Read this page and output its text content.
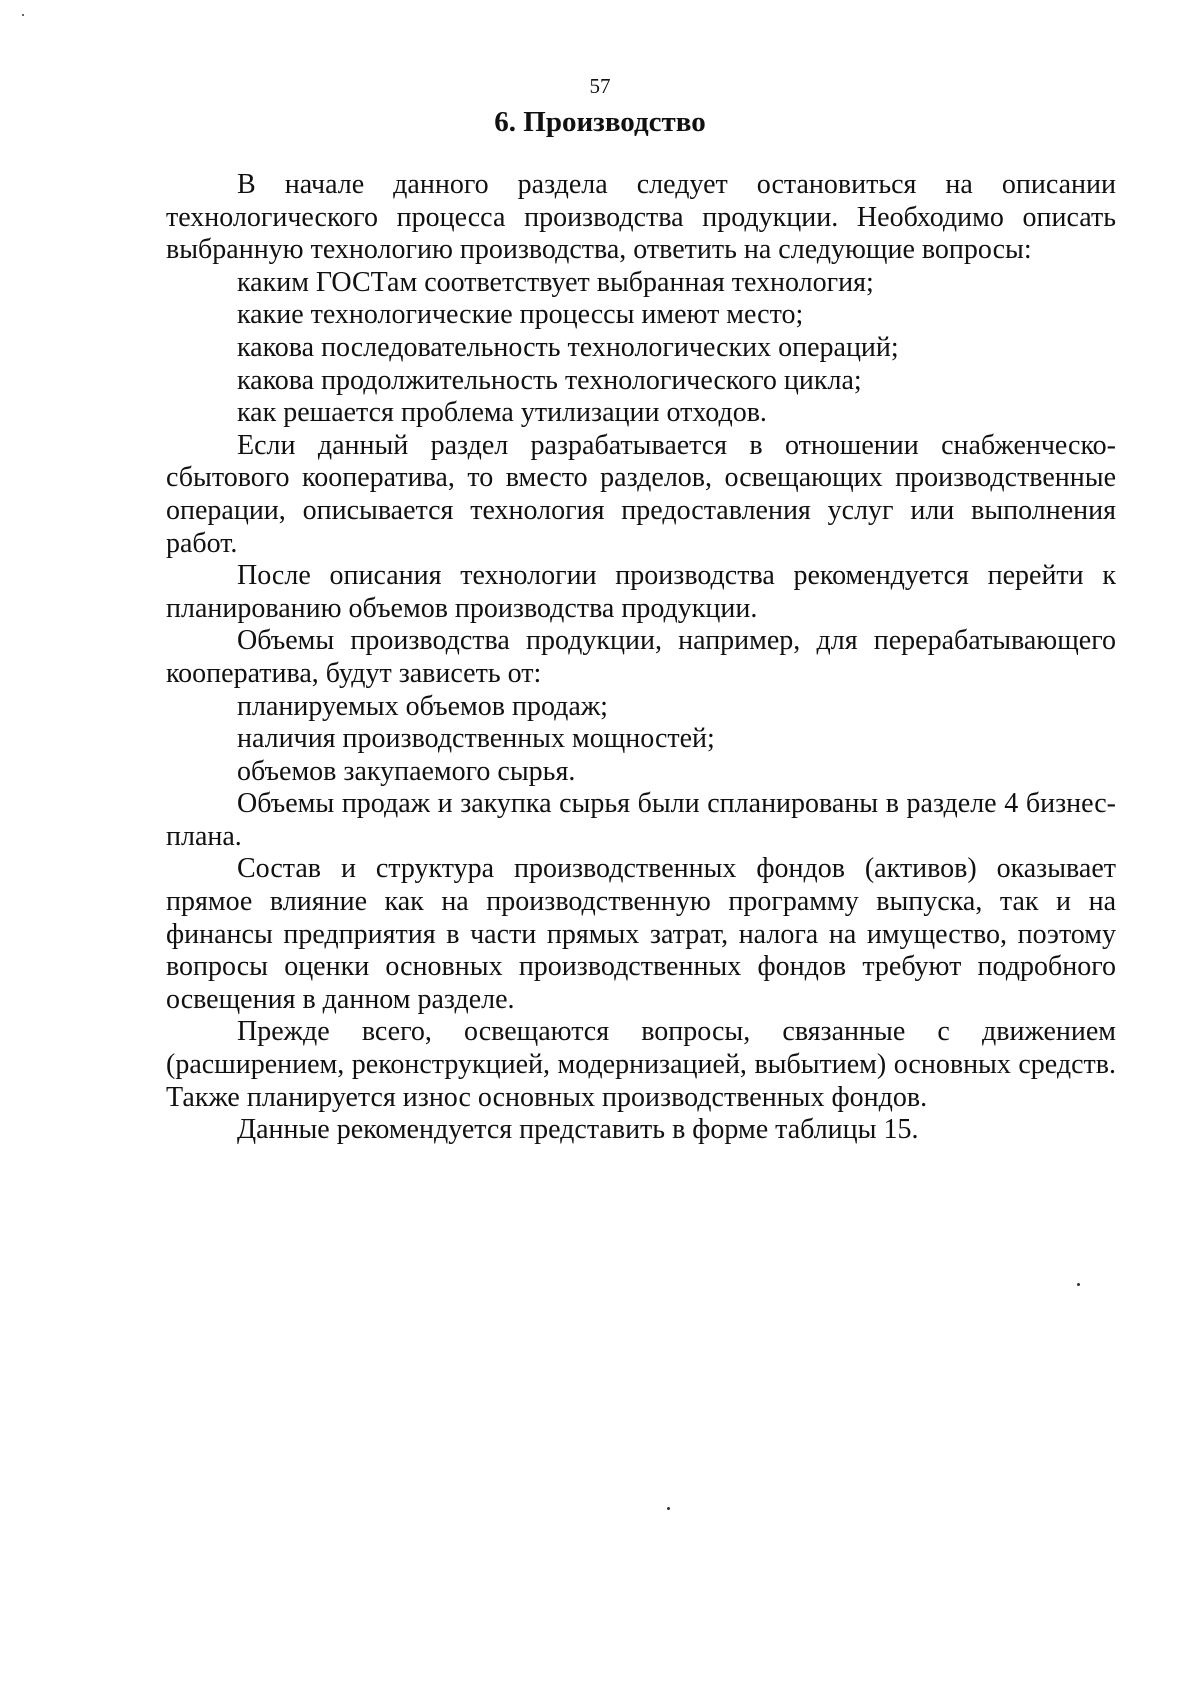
57
6. Производство

В начале данного раздела следует остановиться на описании технологического процесса производства продукции. Необходимо описать выбранную технологию производства, ответить на следующие вопросы:

каким ГОСТам соответствует выбранная технология;

какие технологические процессы имеют место;

какова последовательность технологических операций;

какова продолжительность технологического цикла;

как решается проблема утилизации отходов.

Если данный раздел разрабатывается в отношении снабженческо-сбытового кооператива, то вместо разделов, освещающих производственные операции, описывается технология предоставления услуг или выполнения работ.

После описания технологии производства рекомендуется перейти к планированию объемов производства продукции.

Объемы производства продукции, например, для перерабатывающего кооператива, будут зависеть от:

планируемых объемов продаж;

наличия производственных мощностей;

объемов закупаемого сырья.

Объемы продаж и закупка сырья были спланированы в разделе 4 бизнес-плана.

Состав и структура производственных фондов (активов) оказывает прямое влияние как на производственную программу выпуска, так и на финансы предприятия в части прямых затрат, налога на имущество, поэтому вопросы оценки основных производственных фондов требуют подробного освещения в данном разделе.

Прежде всего, освещаются вопросы, связанные с движением (расширением, реконструкцией, модернизацией, выбытием) основных средств. Также планируется износ основных производственных фондов.

Данные рекомендуется представить в форме таблицы 15.
